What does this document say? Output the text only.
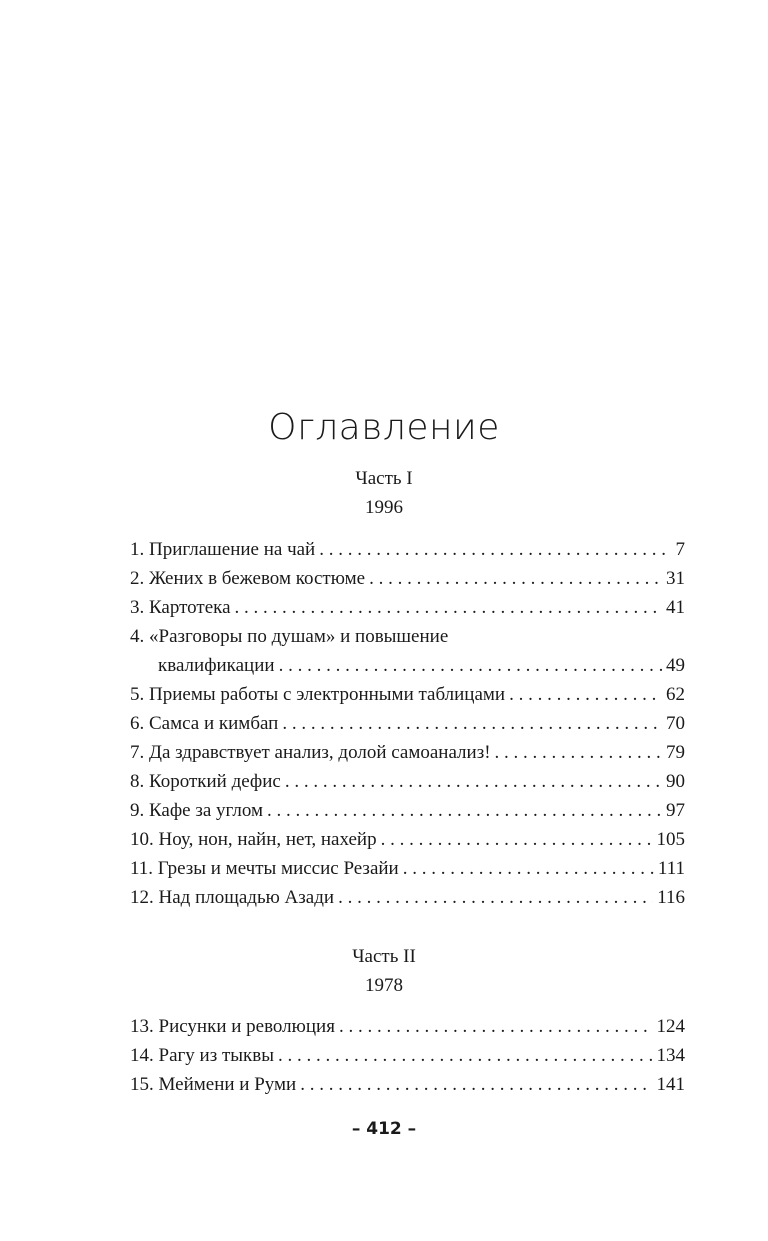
Оглавление
Часть I
1996
1. Приглашение на чай . . .	7
2. Жених в бежевом костюме . . .	31
3. Картотека . . .	41
4. «Разговоры по душам» и повышение
квалификации . . .	49
5. Приемы работы с электронными таблицами . . .	62
6. Самса и кимбап . . .	70
7. Да здравствует анализ, долой самоанализ! . . .	79
8. Короткий дефис . . .	90
9. Кафе за углом . . .	97
10. Ноу, нон, найн, нет, нахейр . . .	105
11. Грезы и мечты миссис Резайи . . .	111
12. Над площадью Азади . . .	116
Часть II
1978
13. Рисунки и революция . . .	124
14. Рагу из тыквы . . .	134
15. Меймени и Руми . . .	141
– 412 –
